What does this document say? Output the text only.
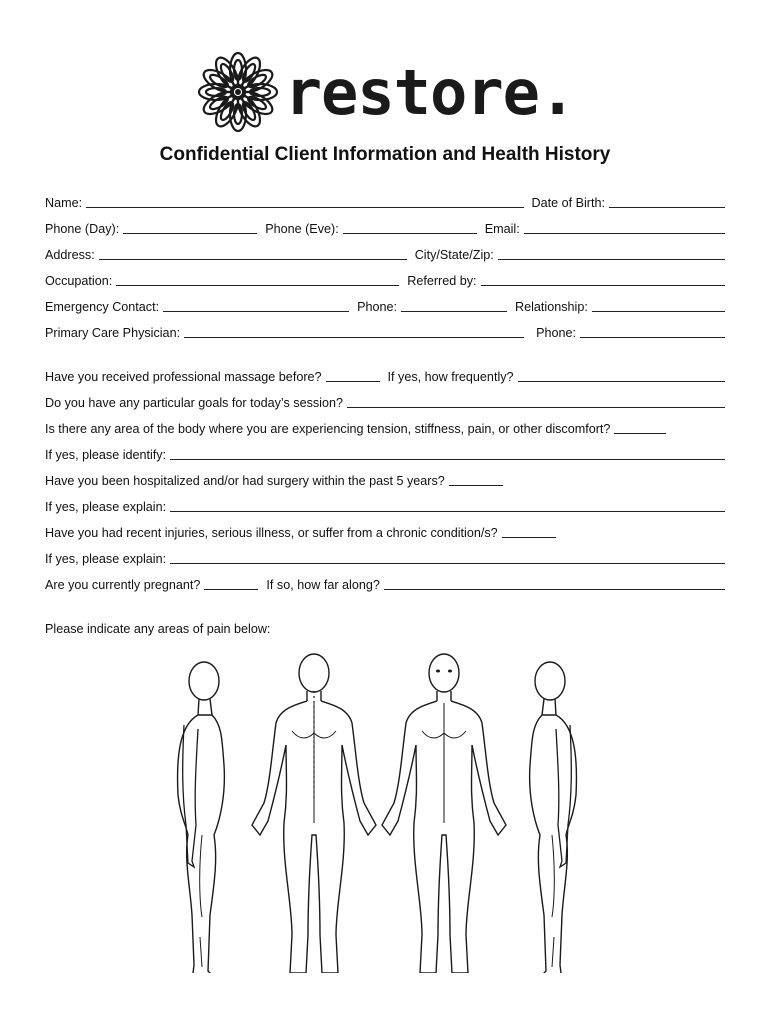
restore.
Confidential Client Information and Health History
Name:	Date of Birth:
Phone (Day):	Phone (Eve):	Email:
Address:	City/State/Zip:
Occupation:	Referred by:
Emergency Contact:	Phone:	Relationship:
Primary Care Physician:	Phone:
Have you received professional massage before?	If yes, how frequently?
Do you have any particular goals for today’s session?
Is there any area of the body where you are experiencing tension, stiffness, pain, or other discomfort?
If yes, please identify:
Have you been hospitalized and/or had surgery within the past 5 years?
If yes, please explain:
Have you had recent injuries, serious illness, or suffer from a chronic condition/s?
If yes, please explain:
Are you currently pregnant?	If so, how far along?
Please indicate any areas of pain below:
